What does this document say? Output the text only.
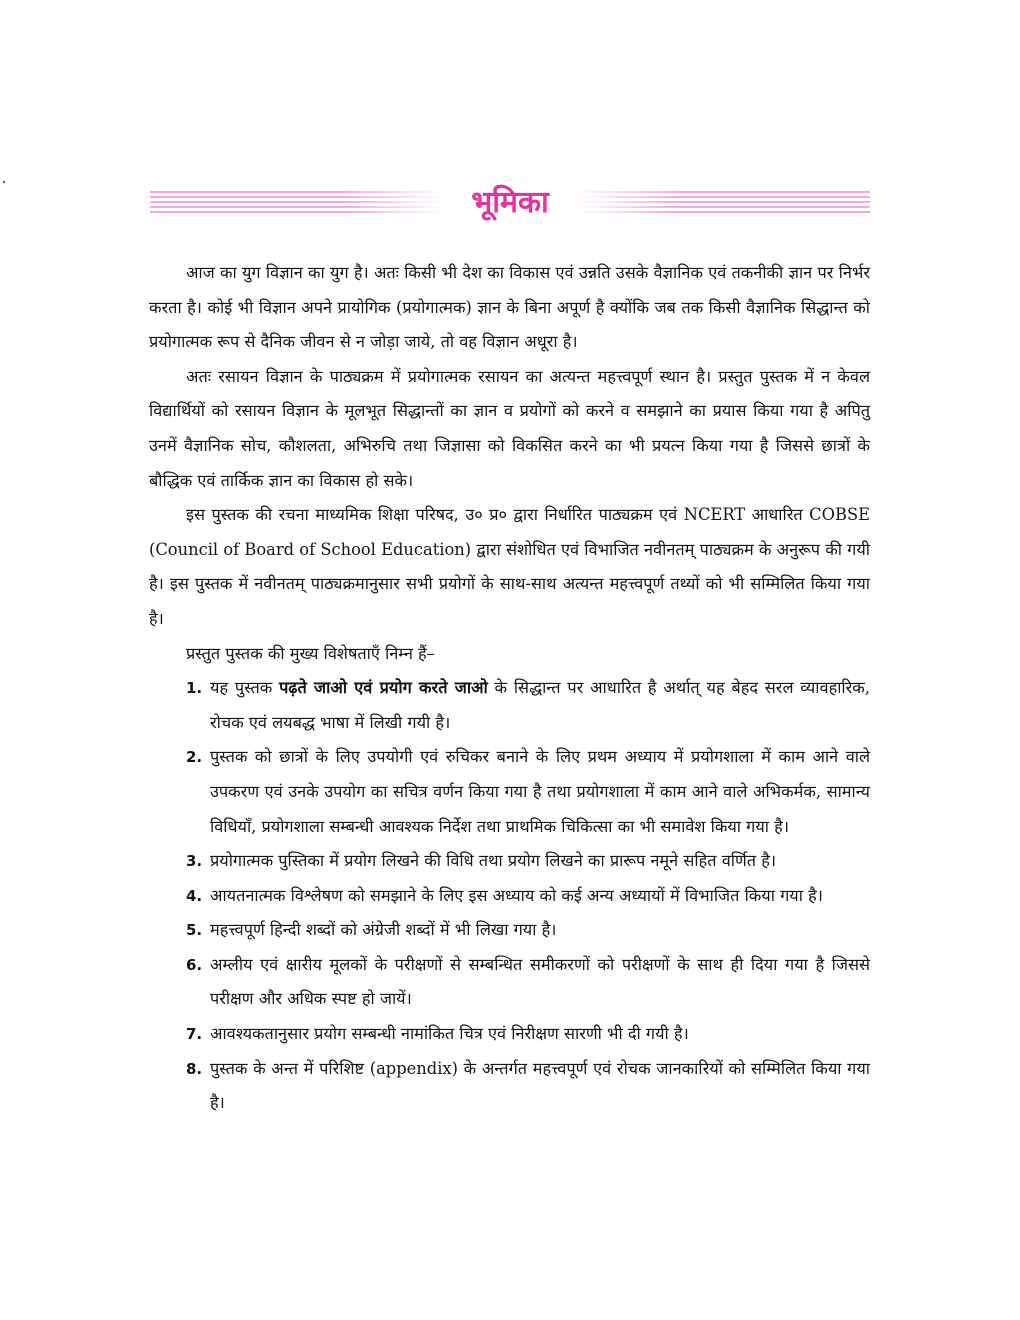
भूमिका

आज का युग विज्ञान का युग है। अतः किसी भी देश का विकास एवं उन्नति उसके वैज्ञानिक एवं तकनीकी ज्ञान पर निर्भर करता है। कोई भी विज्ञान अपने प्रायोगिक (प्रयोगात्मक) ज्ञान के बिना अपूर्ण है क्योंकि जब तक किसी वैज्ञानिक सिद्धान्त को प्रयोगात्मक रूप से दैनिक जीवन से न जोड़ा जाये, तो वह विज्ञान अधूरा है।

अतः रसायन विज्ञान के पाठ्यक्रम में प्रयोगात्मक रसायन का अत्यन्त महत्त्वपूर्ण स्थान है। प्रस्तुत पुस्तक में न केवल विद्यार्थियों को रसायन विज्ञान के मूलभूत सिद्धान्तों का ज्ञान व प्रयोगों को करने व समझाने का प्रयास किया गया है अपितु उनमें वैज्ञानिक सोच, कौशलता, अभिरुचि तथा जिज्ञासा को विकसित करने का भी प्रयत्न किया गया है जिससे छात्रों के बौद्धिक एवं तार्किक ज्ञान का विकास हो सके।

इस पुस्तक की रचना माध्यमिक शिक्षा परिषद, उ० प्र० द्वारा निर्धारित पाठ्यक्रम एवं NCERT आधारित COBSE (Council of Board of School Education) द्वारा संशोधित एवं विभाजित नवीनतम् पाठ्यक्रम के अनुरूप की गयी है। इस पुस्तक में नवीनतम् पाठ्यक्रमानुसार सभी प्रयोगों के साथ-साथ अत्यन्त महत्त्वपूर्ण तथ्यों को भी सम्मिलित किया गया है।

प्रस्तुत पुस्तक की मुख्य विशेषताएँ निम्न हैं–

1. यह पुस्तक पढ़ते जाओ एवं प्रयोग करते जाओ के सिद्धान्त पर आधारित है अर्थात् यह बेहद सरल व्यावहारिक, रोचक एवं लयबद्ध भाषा में लिखी गयी है।
2. पुस्तक को छात्रों के लिए उपयोगी एवं रुचिकर बनाने के लिए प्रथम अध्याय में प्रयोगशाला में काम आने वाले उपकरण एवं उनके उपयोग का सचित्र वर्णन किया गया है तथा प्रयोगशाला में काम आने वाले अभिकर्मक, सामान्य विधियाँ, प्रयोगशाला सम्बन्धी आवश्यक निर्देश तथा प्राथमिक चिकित्सा का भी समावेश किया गया है।
3. प्रयोगात्मक पुस्तिका में प्रयोग लिखने की विधि तथा प्रयोग लिखने का प्रारूप नमूने सहित वर्णित है।
4. आयतनात्मक विश्लेषण को समझाने के लिए इस अध्याय को कई अन्य अध्यायों में विभाजित किया गया है।
5. महत्त्वपूर्ण हिन्दी शब्दों को अंग्रेजी शब्दों में भी लिखा गया है।
6. अम्लीय एवं क्षारीय मूलकों के परीक्षणों से सम्बन्धित समीकरणों को परीक्षणों के साथ ही दिया गया है जिससे परीक्षण और अधिक स्पष्ट हो जायें।
7. आवश्यकतानुसार प्रयोग सम्बन्धी नामांकित चित्र एवं निरीक्षण सारणी भी दी गयी है।
8. पुस्तक के अन्त में परिशिष्ट (appendix) के अन्तर्गत महत्त्वपूर्ण एवं रोचक जानकारियों को सम्मिलित किया गया है।
